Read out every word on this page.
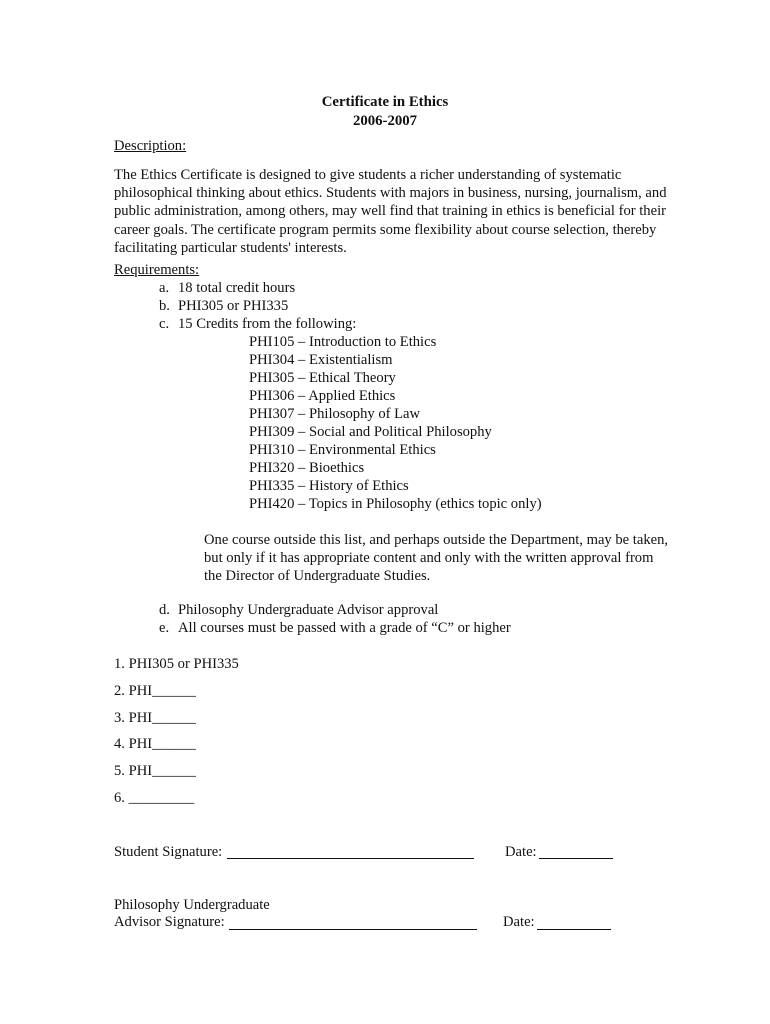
Certificate in Ethics
2006-2007
Description:
The Ethics Certificate is designed to give students a richer understanding of systematic philosophical thinking about ethics. Students with majors in business, nursing, journalism, and public administration, among others, may well find that training in ethics is beneficial for their career goals. The certificate program permits some flexibility about course selection, thereby facilitating particular students' interests.
Requirements:
a. 18 total credit hours
b. PHI305 or PHI335
c. 15 Credits from the following:
PHI105 – Introduction to Ethics
PHI304 – Existentialism
PHI305 – Ethical Theory
PHI306 – Applied Ethics
PHI307 – Philosophy of Law
PHI309 – Social and Political Philosophy
PHI310 – Environmental Ethics
PHI320 – Bioethics
PHI335 – History of Ethics
PHI420 – Topics in Philosophy (ethics topic only)
One course outside this list, and perhaps outside the Department, may be taken, but only if it has appropriate content and only with the written approval from the Director of Undergraduate Studies.
d. Philosophy Undergraduate Advisor approval
e. All courses must be passed with a grade of “C” or higher
1. PHI305 or PHI335
2. PHI______
3. PHI______
4. PHI______
5. PHI______
6. _________
Student Signature:	Date:
Philosophy Undergraduate
Advisor Signature:	Date:
